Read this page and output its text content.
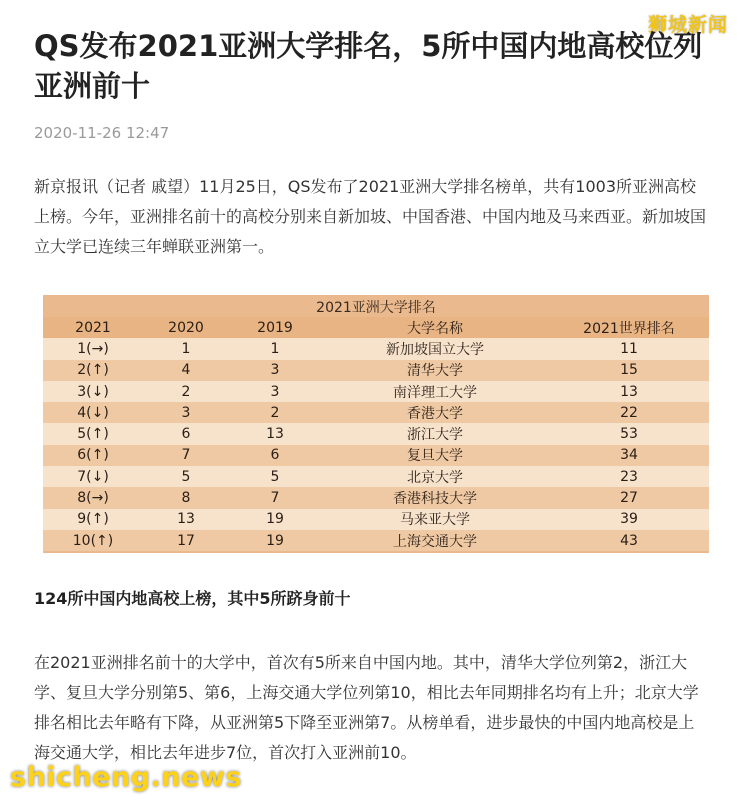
狮城新闻
QS发布2021亚洲大学排名，5所中国内地高校位列亚洲前十
2020-11-26 12:47

新京报讯（记者 戚望）11月25日，QS发布了2021亚洲大学排名榜单，共有1003所亚洲高校上榜。今年，亚洲排名前十的高校分别来自新加坡、中国香港、中国内地及马来西亚。新加坡国立大学已连续三年蝉联亚洲第一。

2021亚洲大学排名
2021	2020	2019	大学名称	2021世界排名
1(→)	1	1	新加坡国立大学	11
2(↑)	4	3	清华大学	15
3(↓)	2	3	南洋理工大学	13
4(↓)	3	2	香港大学	22
5(↑)	6	13	浙江大学	53
6(↑)	7	6	复旦大学	34
7(↓)	5	5	北京大学	23
8(→)	8	7	香港科技大学	27
9(↑)	13	19	马来亚大学	39
10(↑)	17	19	上海交通大学	43
124所中国内地高校上榜，其中5所跻身前十

在2021亚洲排名前十的大学中，首次有5所来自中国内地。其中，清华大学位列第2，浙江大学、复旦大学分别第5、第6，上海交通大学位列第10，相比去年同期排名均有上升；北京大学排名相比去年略有下降，从亚洲第5下降至亚洲第7。从榜单看，进步最快的中国内地高校是上海交通大学，相比去年进步7位，首次打入亚洲前10。

shicheng.news
